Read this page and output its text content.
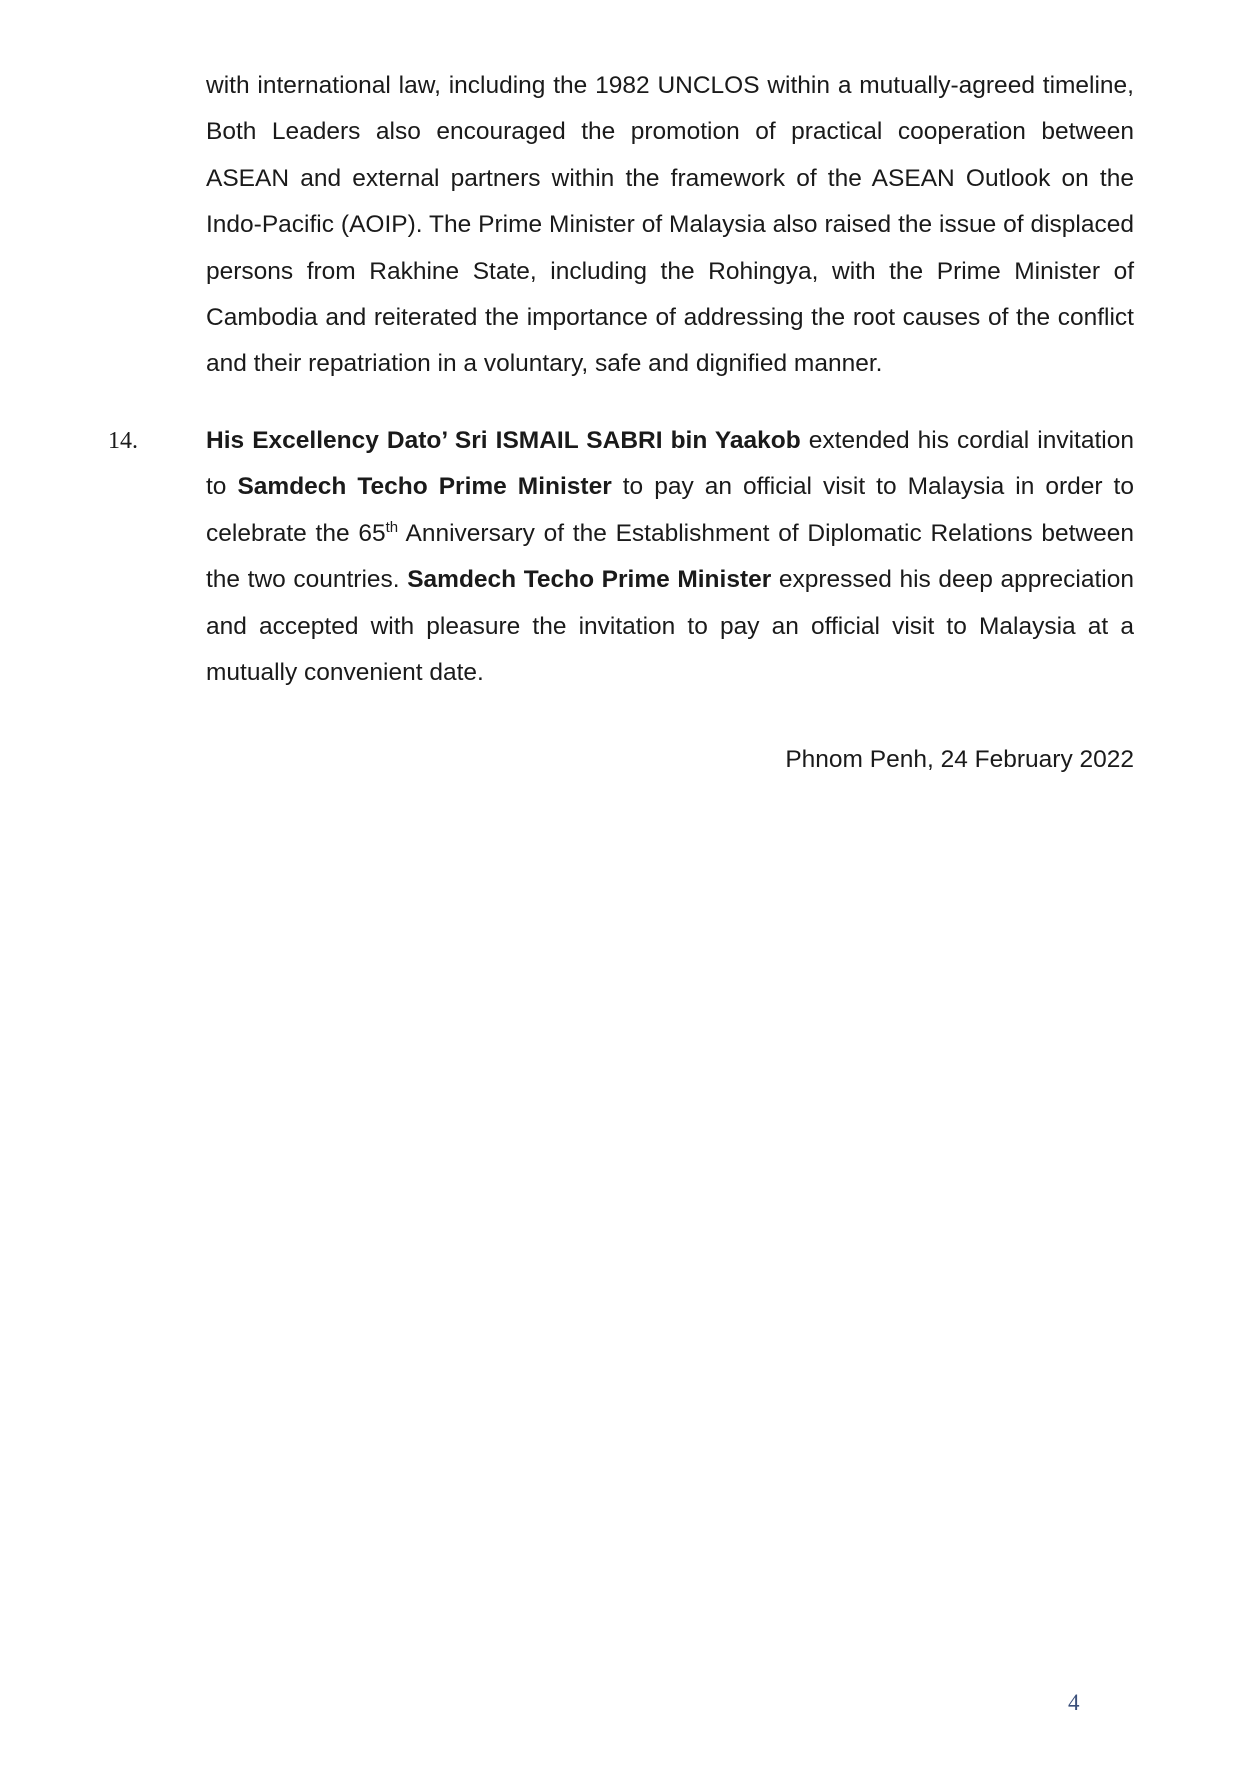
with international law, including the 1982 UNCLOS within a mutually-agreed timeline, Both Leaders also encouraged the promotion of practical cooperation between ASEAN and external partners within the framework of the ASEAN Outlook on the Indo-Pacific (AOIP). The Prime Minister of Malaysia also raised the issue of displaced persons from Rakhine State, including the Rohingya, with the Prime Minister of Cambodia and reiterated the importance of addressing the root causes of the conflict and their repatriation in a voluntary, safe and dignified manner.

14.	His Excellency Dato’ Sri ISMAIL SABRI bin Yaakob extended his cordial invitation to Samdech Techo Prime Minister to pay an official visit to Malaysia in order to celebrate the 65th Anniversary of the Establishment of Diplomatic Relations between the two countries. Samdech Techo Prime Minister expressed his deep appreciation and accepted with pleasure the invitation to pay an official visit to Malaysia at a mutually convenient date.

Phnom Penh, 24 February 2022
4
